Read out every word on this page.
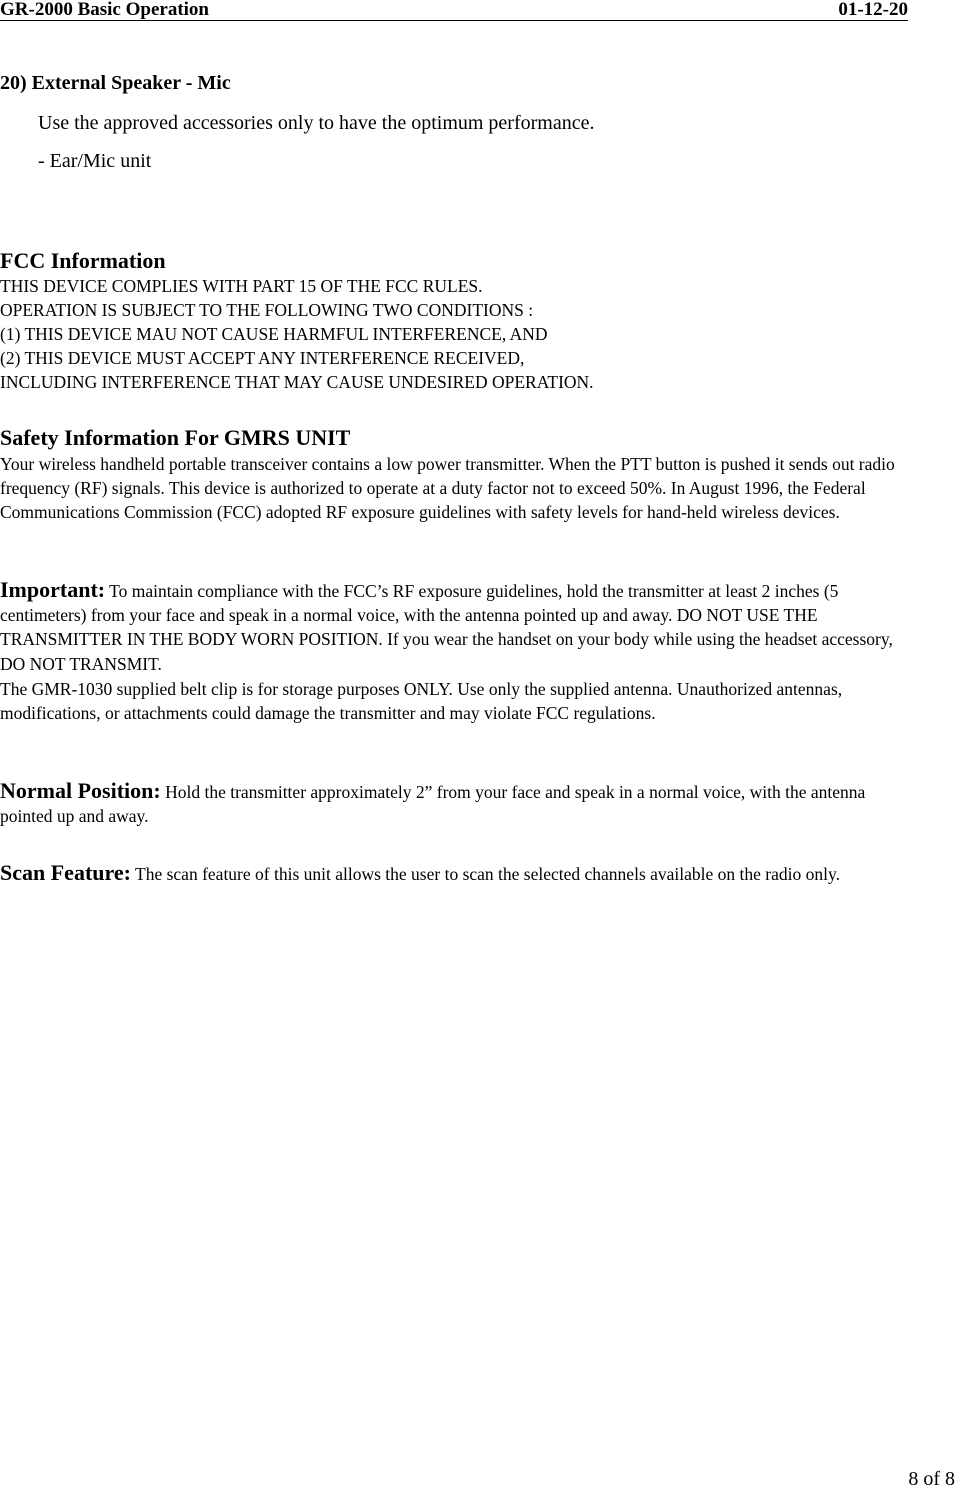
GR-2000 Basic Operation	01-12-20
20) External Speaker - Mic
Use the approved accessories only to have the optimum performance.
- Ear/Mic unit
FCC Information
THIS DEVICE COMPLIES WITH PART 15 OF THE FCC RULES.
OPERATION IS SUBJECT TO THE FOLLOWING TWO CONDITIONS :
(1) THIS DEVICE MAU NOT CAUSE HARMFUL INTERFERENCE, AND
(2) THIS DEVICE MUST ACCEPT ANY INTERFERENCE RECEIVED,
INCLUDING INTERFERENCE THAT MAY CAUSE UNDESIRED OPERATION.
Safety Information For GMRS UNIT
Your wireless handheld portable transceiver contains a low power transmitter. When the PTT button is pushed it sends out radio frequency (RF) signals. This device is authorized to operate at a duty factor not to exceed 50%. In August 1996, the Federal Communications Commission (FCC) adopted RF exposure guidelines with safety levels for hand-held wireless devices.
Important: To maintain compliance with the FCC’s RF exposure guidelines, hold the transmitter at least 2 inches (5 centimeters) from your face and speak in a normal voice, with the antenna pointed up and away. DO NOT USE THE TRANSMITTER IN THE BODY WORN POSITION. If you wear the handset on your body while using the headset accessory, DO NOT TRANSMIT.
The GMR-1030 supplied belt clip is for storage purposes ONLY. Use only the supplied antenna. Unauthorized antennas, modifications, or attachments could damage the transmitter and may violate FCC regulations.
Normal Position: Hold the transmitter approximately 2” from your face and speak in a normal voice, with the antenna pointed up and away.
Scan Feature: The scan feature of this unit allows the user to scan the selected channels available on the radio only.
8 of 8
